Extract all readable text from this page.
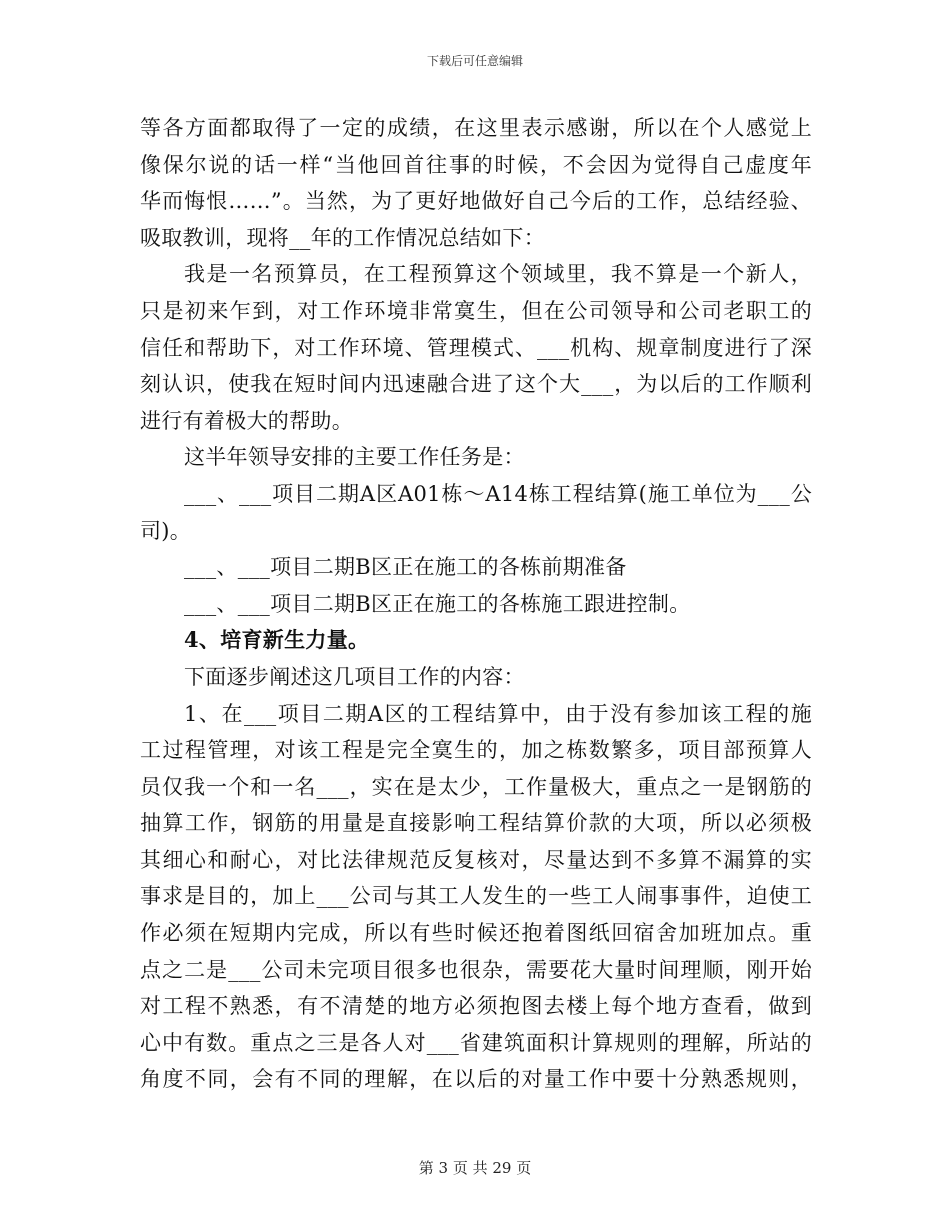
下载后可任意编辑
等各方面都取得了一定的成绩，在这里表示感谢，所以在个人感觉上
像保尔说的话一样“当他回首往事的时候，不会因为觉得自己虚度年
华而悔恨……”。当然，为了更好地做好自己今后的工作，总结经验、
吸取教训，现将__年的工作情况总结如下：
我是一名预算员，在工程预算这个领域里，我不算是一个新人，
只是初来乍到，对工作环境非常寞生，但在公司领导和公司老职工的
信任和帮助下，对工作环境、管理模式、___机构、规章制度进行了深
刻认识，使我在短时间内迅速融合进了这个大___，为以后的工作顺利
进行有着极大的帮助。
这半年领导安排的主要工作任务是：
___、___项目二期A区A01栋～A14栋工程结算(施工单位为___公
司)。
___、___项目二期B区正在施工的各栋前期准备
___、___项目二期B区正在施工的各栋施工跟进控制。
4、培育新生力量。
下面逐步阐述这几项目工作的内容：
1、在___项目二期A区的工程结算中，由于没有参加该工程的施
工过程管理，对该工程是完全寞生的，加之栋数繁多，项目部预算人
员仅我一个和一名___，实在是太少，工作量极大，重点之一是钢筋的
抽算工作，钢筋的用量是直接影响工程结算价款的大项，所以必须极
其细心和耐心，对比法律规范反复核对，尽量达到不多算不漏算的实
事求是目的，加上___公司与其工人发生的一些工人闹事事件，迫使工
作必须在短期内完成，所以有些时候还抱着图纸回宿舍加班加点。重
点之二是___公司未完项目很多也很杂，需要花大量时间理顺，刚开始
对工程不熟悉，有不清楚的地方必须抱图去楼上每个地方查看，做到
心中有数。重点之三是各人对___省建筑面积计算规则的理解，所站的
角度不同，会有不同的理解，在以后的对量工作中要十分熟悉规则，
第 3 页 共 29 页
